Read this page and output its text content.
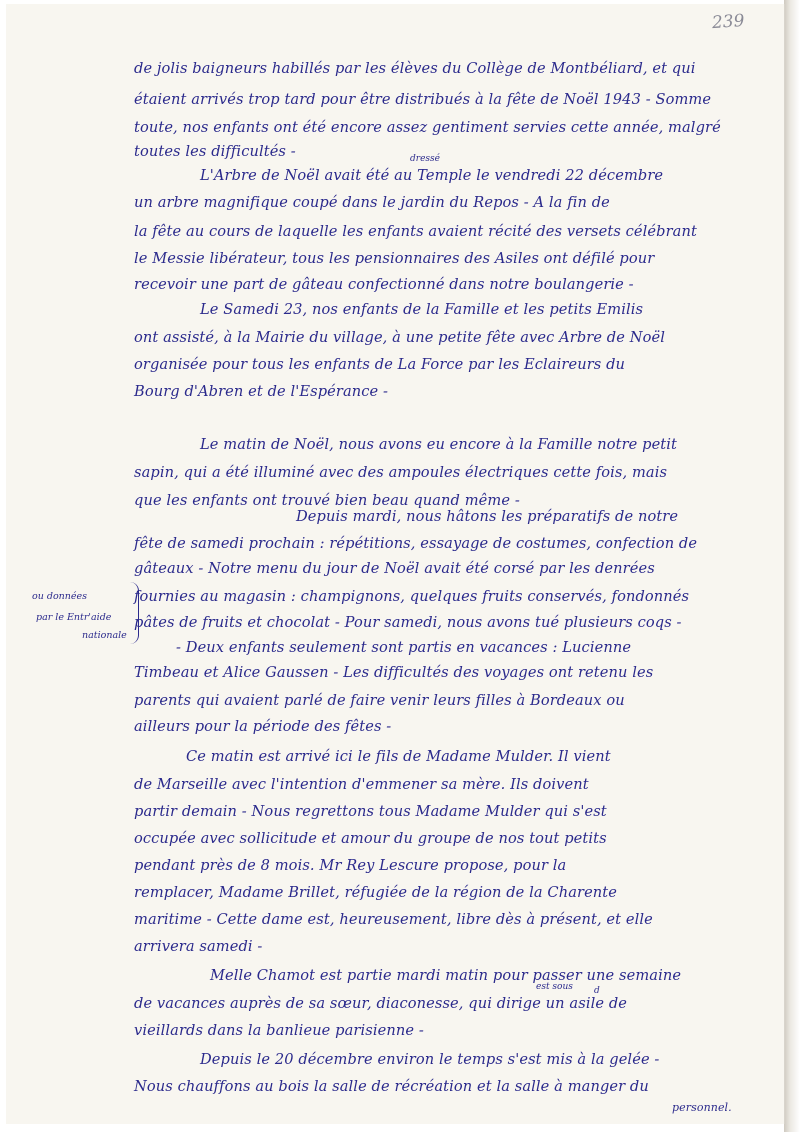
239
de jolis baigneurs habillés par les élèves du Collège de Montbéliard, et qui
étaient arrivés trop tard pour être distribués à la fête de Noël 1943 - Somme
toute, nos enfants ont été encore assez gentiment servies cette année, malgré
toutes les difficultés -	dressé
L'Arbre de Noël avait été au Temple le vendredi 22 décembre
un arbre magnifique coupé dans le jardin du Repos - A la fin de
la fête au cours de laquelle les enfants avaient récité des versets célébrant
le Messie libérateur, tous les pensionnaires des Asiles ont défilé pour
recevoir une part de gâteau confectionné dans notre boulangerie -
Le Samedi 23, nos enfants de la Famille et les petits Emilis
ont assisté, à la Mairie du village, à une petite fête avec Arbre de Noël
organisée pour tous les enfants de La Force par les Eclaireurs du
Bourg d'Abren et de l'Espérance -
Le matin de Noël, nous avons eu encore à la Famille notre petit
sapin, qui a été illuminé avec des ampoules électriques cette fois, mais
que les enfants ont trouvé bien beau quand même -
Depuis mardi, nous hâtons les préparatifs de notre
fête de samedi prochain : répétitions, essayage de costumes, confection de
gâteaux - Notre menu du jour de Noël avait été corsé par les denrées
fournies au magasin : champignons, quelques fruits conservés, fondonnés
pâtes de fruits et chocolat - Pour samedi, nous avons tué plusieurs coqs -
- Deux enfants seulement sont partis en vacances : Lucienne
ou données
par le Entr'aide
nationale
Timbeau et Alice Gaussen - Les difficultés des voyages ont retenu les
parents qui avaient parlé de faire venir leurs filles à Bordeaux ou
ailleurs pour la période des fêtes -
Ce matin est arrivé ici le fils de Madame Mulder. Il vient
de Marseille avec l'intention d'emmener sa mère. Ils doivent
partir demain - Nous regrettons tous Madame Mulder qui s'est
occupée avec sollicitude et amour du groupe de nos tout petits
pendant près de 8 mois. Mr Rey Lescure propose, pour la
remplacer, Madame Brillet, réfugiée de la région de la Charente
maritime - Cette dame est, heureusement, libre dès à présent, et elle
arrivera samedi -
Melle Chamot est partie mardi matin pour passer une semaine
est sous d
de vacances auprès de sa sœur, diaconesse, qui dirige un asile de
vieillards dans la banlieue parisienne -
Depuis le 20 décembre environ le temps s'est mis à la gelée -
Nous chauffons au bois la salle de récréation et la salle à manger du
personnel.
